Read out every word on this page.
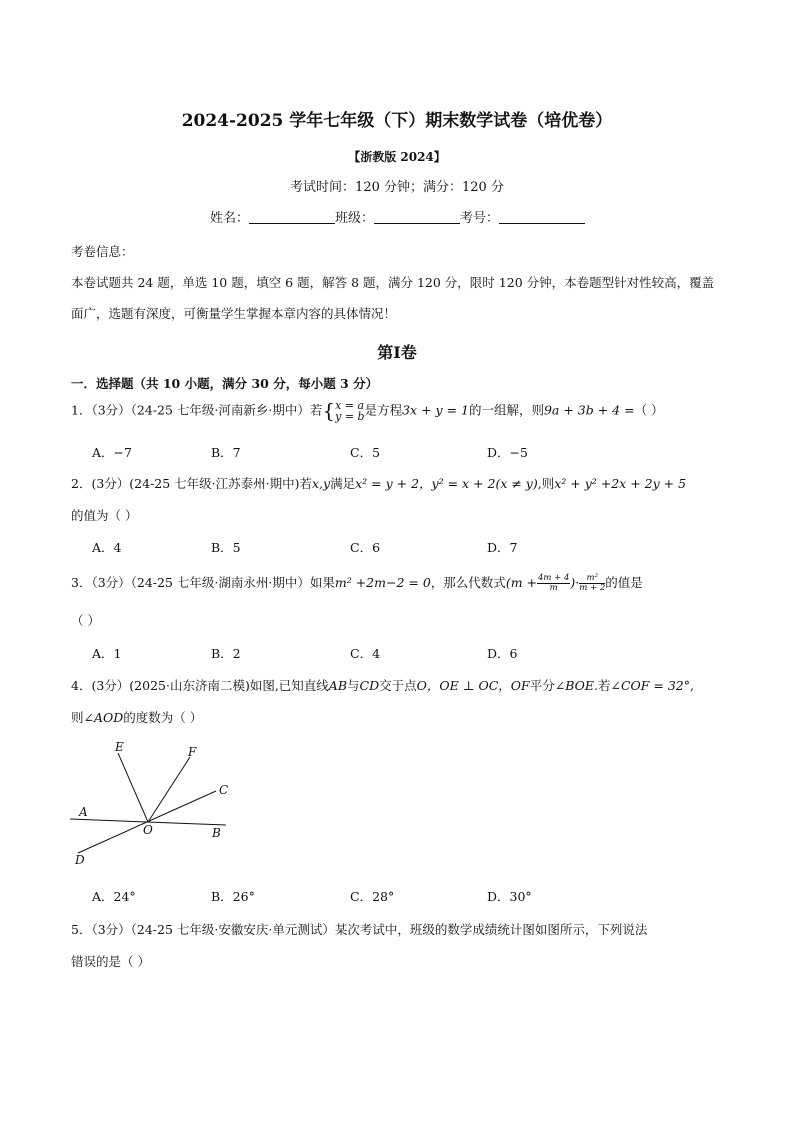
2024-2025 学年七年级（下）期末数学试卷（培优卷）
【浙教版 2024】
考试时间：120 分钟；满分：120 分
姓名：	班级：	考号：
考卷信息：
本卷试题共 24 题，单选 10 题，填空 6 题，解答 8 题，满分 120 分，限时 120 分钟，本卷题型针对性较高，覆盖
面广，选题有深度，可衡量学生掌握本章内容的具体情况！
第Ⅰ卷
一．选择题（共 10 小题，满分 30 分，每小题 3 分）
1．（3分）（24-25 七年级·河南新乡·期中）若{ x = a
y = b 是方程3x + y = 1的一组解，则9a + 3b + 4 =（ ）
A．−7	B．7	C．5	D．−5
2．(3分）(24-25 七年级·江苏泰州·期中)若x,y满足x² = y + 2，y² = x + 2(x ≠ y),则x² + y² +2x + 2y + 5
的值为（ ）
A．4	B．5	C．6	D．7
3．（3分）（24-25 七年级·湖南永州·期中）如果m² +2m−2 = 0，那么代数式($m + \frac{4m + 4}{m}$ )· $\frac{\text{m²}}{m + 2}$ 的值是
（ ）
A．1	B．2	C．4	D．6
4．(3分）(2025·山东济南二模)如图,已知直线AB与CD交于点O，OE ⊥ OC，OF平分∠BOE.若∠COF = 32°,
则∠AOD的度数为（ ）
E	F
C
A
O	B
D
A．24°	B．26°	C．28°	D．30°
5．（3分）（24-25 七年级·安徽安庆·单元测试）某次考试中，班级的数学成绩统计图如图所示，下列说法
错误的是（ ）
